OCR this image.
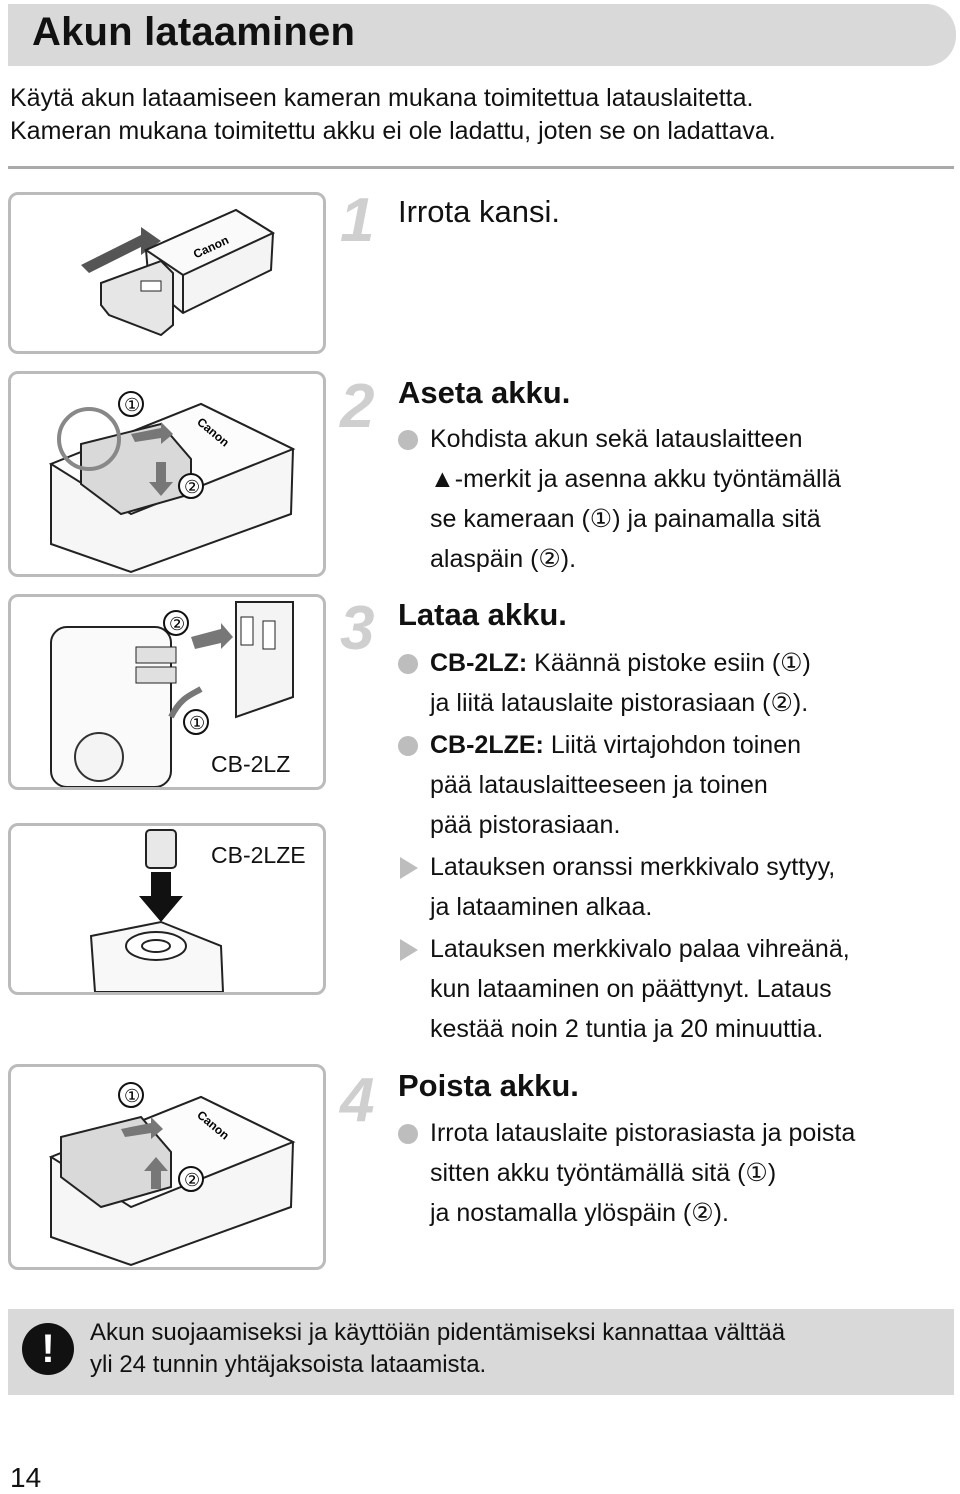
Akun lataaminen
Käytä akun lataamiseen kameran mukana toimitettua latauslaitetta.
Kameran mukana toimitettu akku ei ole ladattu, joten se on ladattava.
Canon 1 Irrota kansi.
①
②
Canon 2 Aseta akku.
Kohdista akun sekä latauslaitteen
▲-merkit ja asenna akku työntämällä
se kameraan (①) ja painamalla sitä
alaspäin (②).
②
①
CB-2LZ
3 Lataa akku.
CB-2LZ: Käännä pistoke esiin (①)
ja liitä latauslaite pistorasiaan (②).
CB-2LZE: Liitä virtajohdon toinen
pää latauslaitteeseen ja toinen
pää pistorasiaan.
Latauksen oranssi merkkivalo syttyy,
ja lataaminen alkaa.
Latauksen merkkivalo palaa vihreänä,
kun lataaminen on päättynyt. Lataus
kestää noin 2 tuntia ja 20 minuuttia.
CB-2LZE
①
②
Canon 4 Poista akku.
Irrota latauslaite pistorasiasta ja poista
sitten akku työntämällä sitä (①)
ja nostamalla ylöspäin (②).
!	Akun suojaamiseksi ja käyttöiän pidentämiseksi kannattaa välttää
yli 24 tunnin yhtäjaksoista lataamista.
14
